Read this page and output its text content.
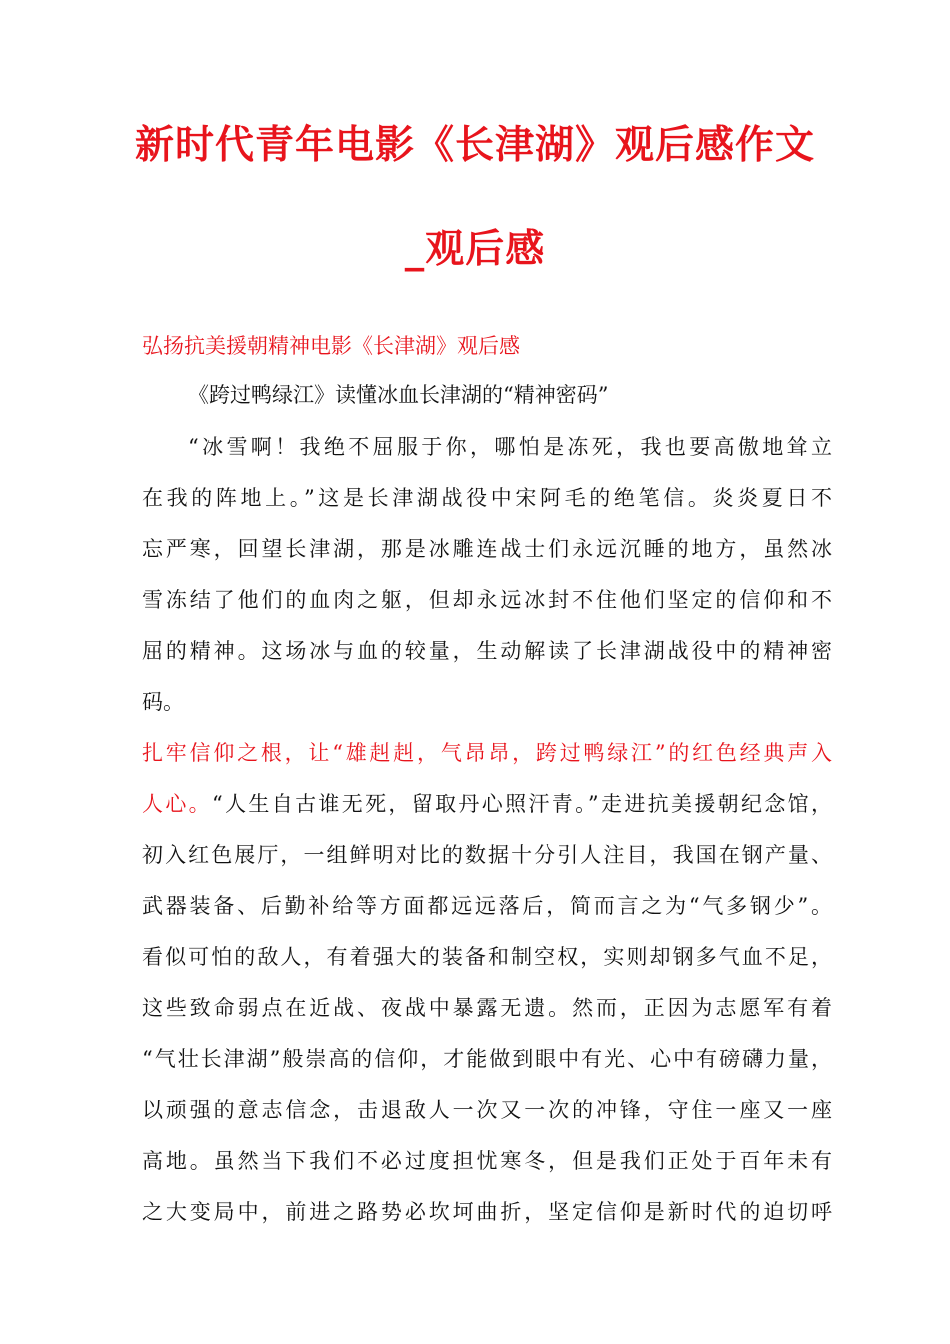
新时代青年电影《长津湖》观后感作文
_观后感
弘扬抗美援朝精神电影《长津湖》观后感
《跨过鸭绿江》读懂冰血长津湖的“精神密码”
“冰雪啊！我绝不屈服于你，哪怕是冻死，我也要高傲地耸立
在我的阵地上。”这是长津湖战役中宋阿毛的绝笔信。炎炎夏日不
忘严寒，回望长津湖，那是冰雕连战士们永远沉睡的地方，虽然冰
雪冻结了他们的血肉之躯，但却永远冰封不住他们坚定的信仰和不
屈的精神。这场冰与血的较量，生动解读了长津湖战役中的精神密
码。
扎牢信仰之根，让“雄赳赳，气昂昂，跨过鸭绿江”的红色经典声入
人心。“人生自古谁无死，留取丹心照汗青。”走进抗美援朝纪念馆，
初入红色展厅，一组鲜明对比的数据十分引人注目，我国在钢产量、
武器装备、后勤补给等方面都远远落后，简而言之为“气多钢少”。
看似可怕的敌人，有着强大的装备和制空权，实则却钢多气血不足，
这些致命弱点在近战、夜战中暴露无遗。然而，正因为志愿军有着
“气壮长津湖”般崇高的信仰，才能做到眼中有光、心中有磅礴力量，
以顽强的意志信念，击退敌人一次又一次的冲锋，守住一座又一座
高地。虽然当下我们不必过度担忧寒冬，但是我们正处于百年未有
之大变局中，前进之路势必坎坷曲折，坚定信仰是新时代的迫切呼
